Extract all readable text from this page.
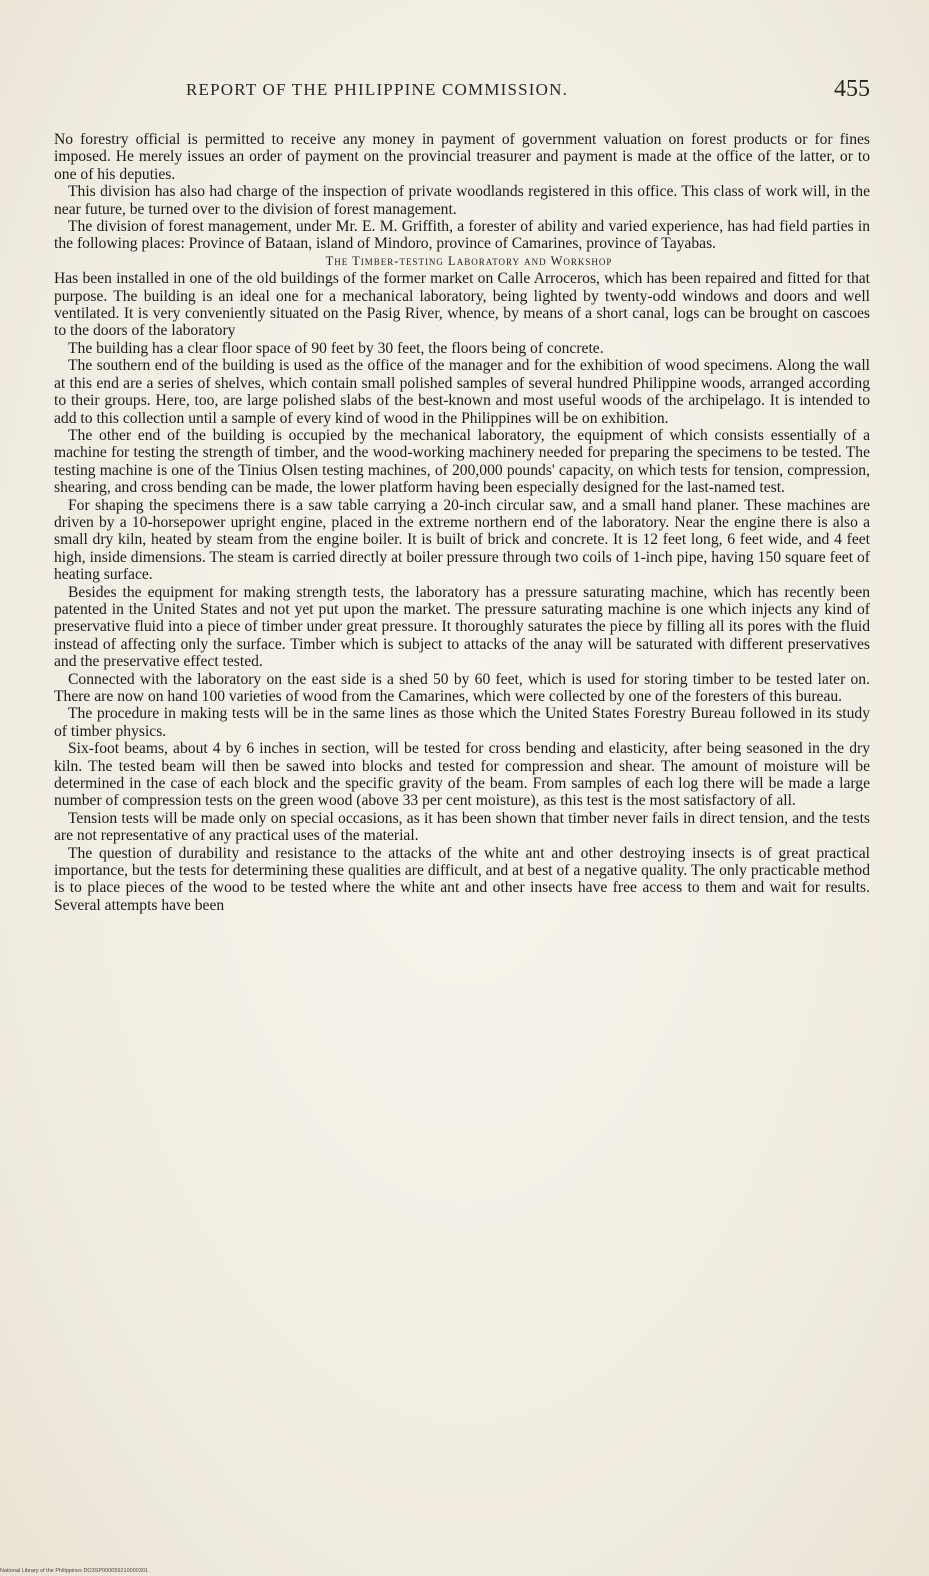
REPORT OF THE PHILIPPINE COMMISSION.	455

No forestry official is permitted to receive any money in payment of government valuation on forest products or for fines imposed. He merely issues an order of payment on the provincial treasurer and payment is made at the office of the latter, or to one of his deputies.

This division has also had charge of the inspection of private woodlands registered in this office. This class of work will, in the near future, be turned over to the division of forest management.

The division of forest management, under Mr. E. M. Griffith, a forester of ability and varied experience, has had field parties in the following places: Province of Bataan, island of Mindoro, province of Camarines, province of Tayabas.

The Timber-testing Laboratory and Workshop

Has been installed in one of the old buildings of the former market on Calle Arroceros, which has been repaired and fitted for that purpose. The building is an ideal one for a mechanical laboratory, being lighted by twenty-odd windows and doors and well ventilated. It is very conveniently situated on the Pasig River, whence, by means of a short canal, logs can be brought on cascoes to the doors of the laboratory

The building has a clear floor space of 90 feet by 30 feet, the floors being of concrete.

The southern end of the building is used as the office of the manager and for the exhibition of wood specimens. Along the wall at this end are a series of shelves, which contain small polished samples of several hundred Philippine woods, arranged according to their groups. Here, too, are large polished slabs of the best-known and most useful woods of the archipelago. It is intended to add to this collection until a sample of every kind of wood in the Philippines will be on exhibition.

The other end of the building is occupied by the mechanical laboratory, the equipment of which consists essentially of a machine for testing the strength of timber, and the wood-working machinery needed for preparing the specimens to be tested. The testing machine is one of the Tinius Olsen testing machines, of 200,000 pounds' capacity, on which tests for tension, compression, shearing, and cross bending can be made, the lower platform having been especially designed for the last-named test.

For shaping the specimens there is a saw table carrying a 20-inch circular saw, and a small hand planer. These machines are driven by a 10-horsepower upright engine, placed in the extreme northern end of the laboratory. Near the engine there is also a small dry kiln, heated by steam from the engine boiler. It is built of brick and concrete. It is 12 feet long, 6 feet wide, and 4 feet high, inside dimensions. The steam is carried directly at boiler pressure through two coils of 1-inch pipe, having 150 square feet of heating surface.

Besides the equipment for making strength tests, the laboratory has a pressure saturating machine, which has recently been patented in the United States and not yet put upon the market. The pressure saturating machine is one which injects any kind of preservative fluid into a piece of timber under great pressure. It thoroughly saturates the piece by filling all its pores with the fluid instead of affecting only the surface. Timber which is subject to attacks of the anay will be saturated with different preservatives and the preservative effect tested.

Connected with the laboratory on the east side is a shed 50 by 60 feet, which is used for storing timber to be tested later on. There are now on hand 100 varieties of wood from the Camarines, which were collected by one of the foresters of this bureau.

The procedure in making tests will be in the same lines as those which the United States Forestry Bureau followed in its study of timber physics.

Six-foot beams, about 4 by 6 inches in section, will be tested for cross bending and elasticity, after being seasoned in the dry kiln. The tested beam will then be sawed into blocks and tested for compression and shear. The amount of moisture will be determined in the case of each block and the specific gravity of the beam. From samples of each log there will be made a large number of compression tests on the green wood (above 33 per cent moisture), as this test is the most satisfactory of all.

Tension tests will be made only on special occasions, as it has been shown that timber never fails in direct tension, and the tests are not representative of any practical uses of the material.

The question of durability and resistance to the attacks of the white ant and other destroying insects is of great practical importance, but the tests for determining these qualities are difficult, and at best of a negative quality. The only practicable method is to place pieces of the wood to be tested where the white ant and other insects have free access to them and wait for results. Several attempts have been

National Library of the Philippines DO3SP000059210000301
